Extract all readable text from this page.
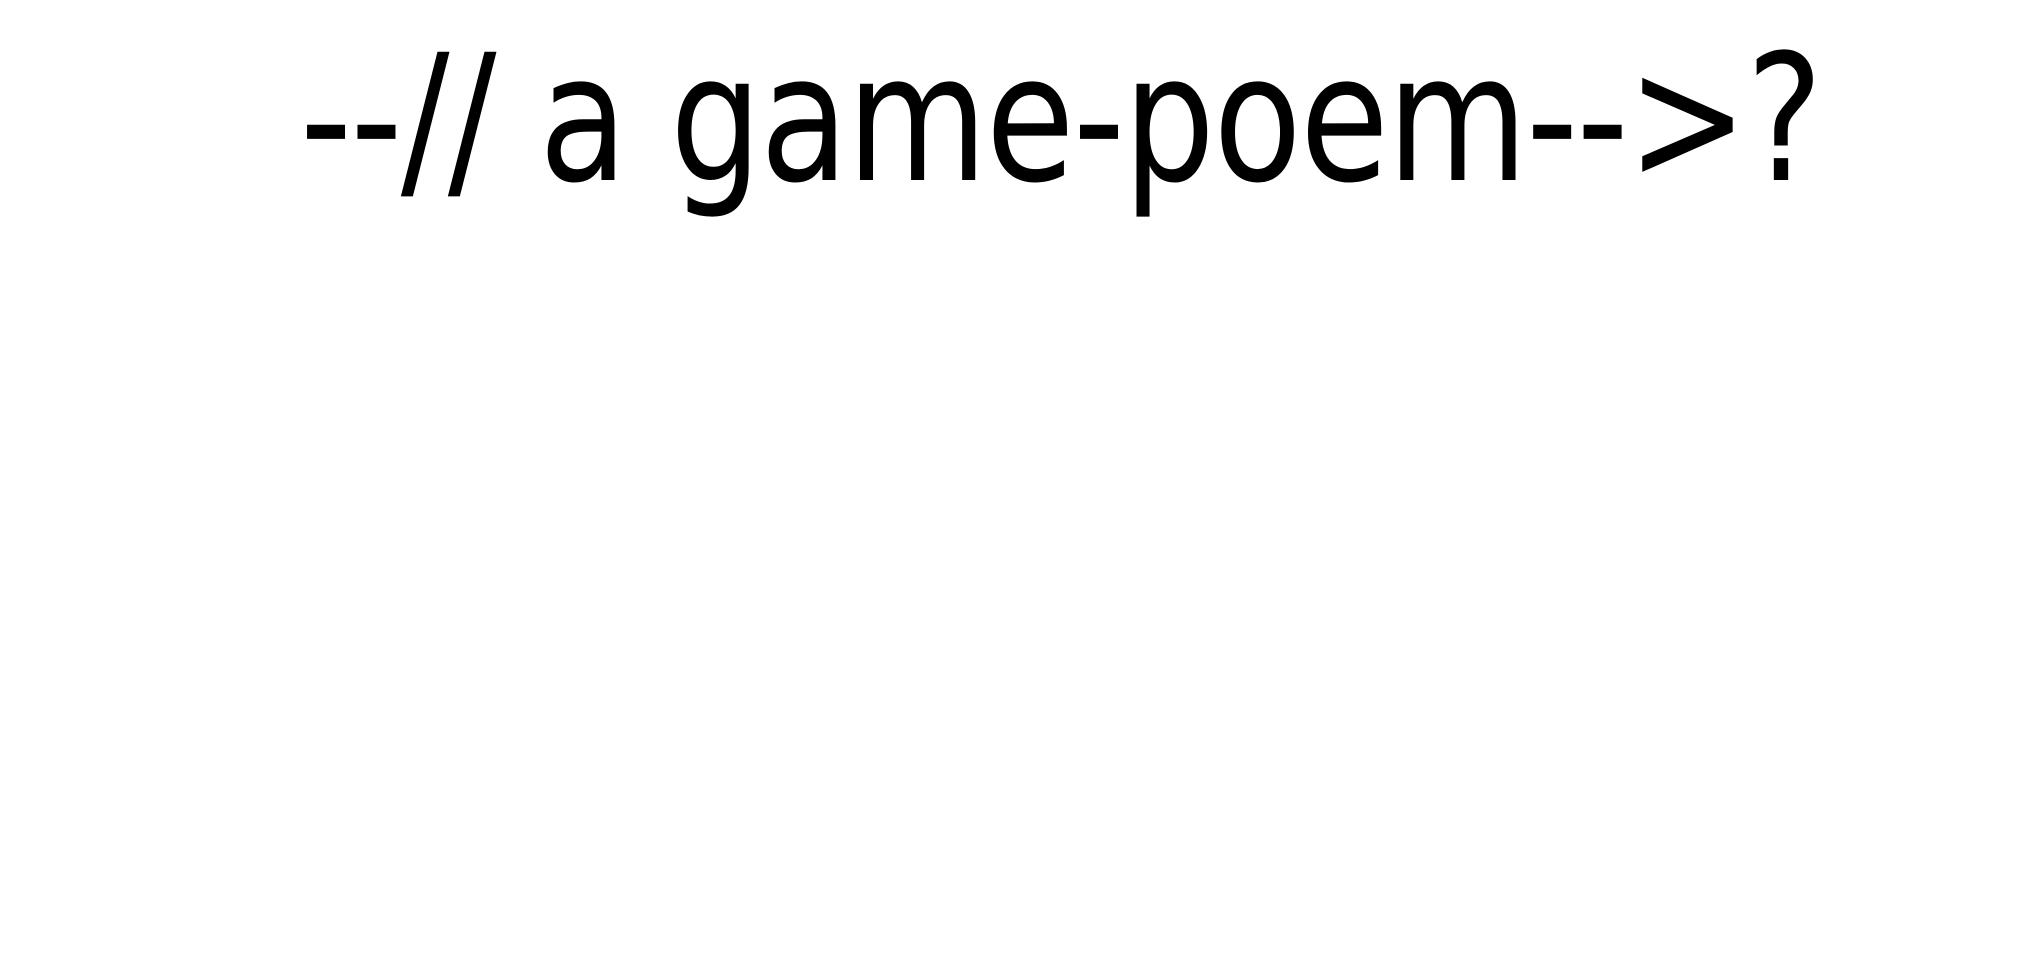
--// a game-poem-->?
